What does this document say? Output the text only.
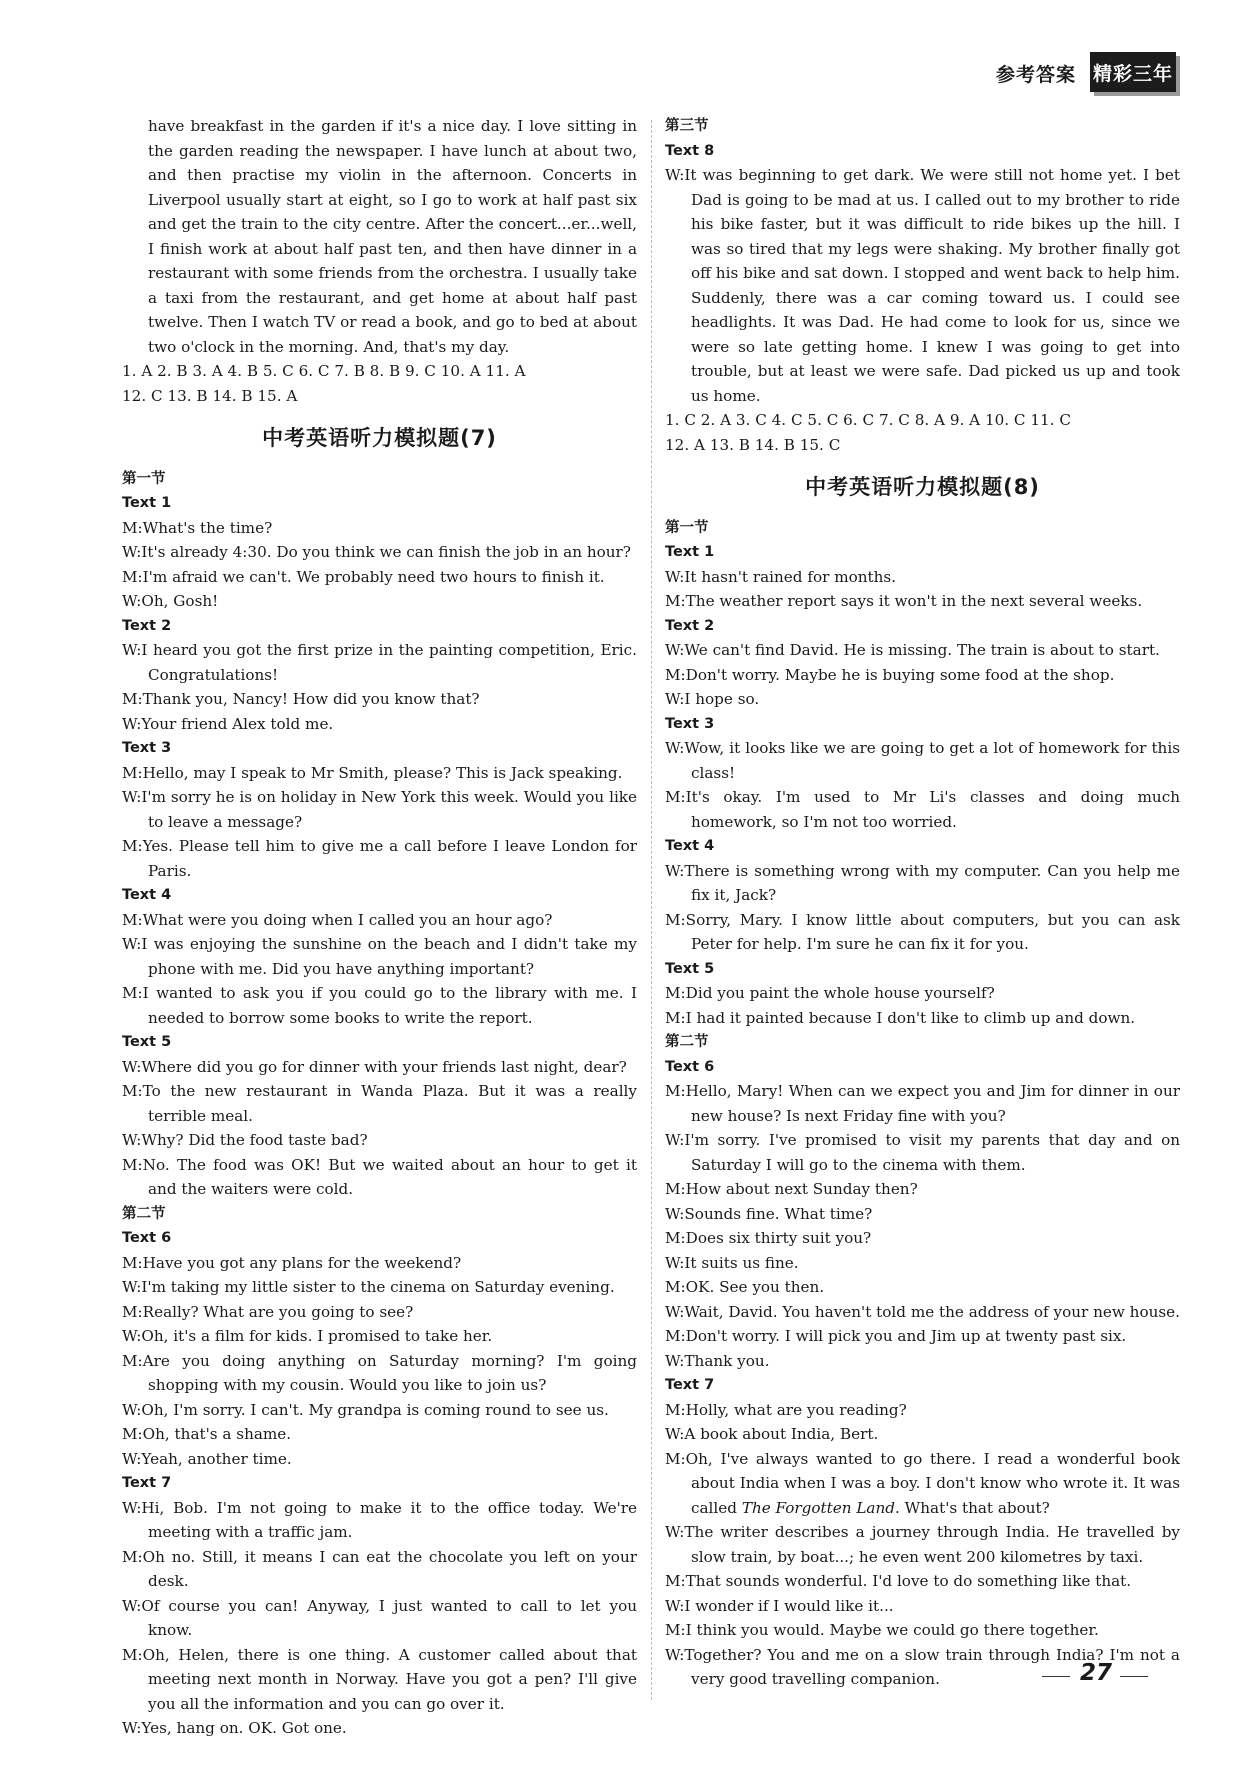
参考答案 精彩三年

have breakfast in the garden if it's a nice day. I love sitting in the garden reading the newspaper. I have lunch at about two, and then practise my violin in the afternoon. Concerts in Liverpool usually start at eight, so I go to work at half past six and get the train to the city centre. After the concert...er...well, I finish work at about half past ten, and then have dinner in a restaurant with some friends from the orchestra. I usually take a taxi from the restaurant, and get home at about half past twelve. Then I watch TV or read a book, and go to bed at about two o'clock in the morning. And, that's my day.

1. A 2. B 3. A 4. B 5. C 6. C 7. B 8. B 9. C 10. A 11. A

12. C 13. B 14. B 15. A

中考英语听力模拟题(7)

第一节

Text 1

M:What's the time?

W:It's already 4:30. Do you think we can finish the job in an hour?

M:I'm afraid we can't. We probably need two hours to finish it.

W:Oh, Gosh!

Text 2

W:I heard you got the first prize in the painting competition, Eric. Congratulations!

M:Thank you, Nancy! How did you know that?

W:Your friend Alex told me.

Text 3

M:Hello, may I speak to Mr Smith, please? This is Jack speaking.

W:I'm sorry he is on holiday in New York this week. Would you like to leave a message?

M:Yes. Please tell him to give me a call before I leave London for Paris.

Text 4

M:What were you doing when I called you an hour ago?

W:I was enjoying the sunshine on the beach and I didn't take my phone with me. Did you have anything important?

M:I wanted to ask you if you could go to the library with me. I needed to borrow some books to write the report.

Text 5

W:Where did you go for dinner with your friends last night, dear?

M:To the new restaurant in Wanda Plaza. But it was a really terrible meal.

W:Why? Did the food taste bad?

M:No. The food was OK! But we waited about an hour to get it and the waiters were cold.

第二节

Text 6

M:Have you got any plans for the weekend?

W:I'm taking my little sister to the cinema on Saturday evening.

M:Really? What are you going to see?

W:Oh, it's a film for kids. I promised to take her.

M:Are you doing anything on Saturday morning? I'm going shopping with my cousin. Would you like to join us?

W:Oh, I'm sorry. I can't. My grandpa is coming round to see us.

M:Oh, that's a shame.

W:Yeah, another time.

Text 7

W:Hi, Bob. I'm not going to make it to the office today. We're meeting with a traffic jam.

M:Oh no. Still, it means I can eat the chocolate you left on your desk.

W:Of course you can! Anyway, I just wanted to call to let you know.

M:Oh, Helen, there is one thing. A customer called about that meeting next month in Norway. Have you got a pen? I'll give you all the information and you can go over it.

W:Yes, hang on. OK. Got one.

第三节

Text 8

W:It was beginning to get dark. We were still not home yet. I bet Dad is going to be mad at us. I called out to my brother to ride his bike faster, but it was difficult to ride bikes up the hill. I was so tired that my legs were shaking. My brother finally got off his bike and sat down. I stopped and went back to help him. Suddenly, there was a car coming toward us. I could see headlights. It was Dad. He had come to look for us, since we were so late getting home. I knew I was going to get into trouble, but at least we were safe. Dad picked us up and took us home.

1. C 2. A 3. C 4. C 5. C 6. C 7. C 8. A 9. A 10. C 11. C

12. A 13. B 14. B 15. C

中考英语听力模拟题(8)

第一节

Text 1

W:It hasn't rained for months.

M:The weather report says it won't in the next several weeks.

Text 2

W:We can't find David. He is missing. The train is about to start.

M:Don't worry. Maybe he is buying some food at the shop.

W:I hope so.

Text 3

W:Wow, it looks like we are going to get a lot of homework for this class!

M:It's okay. I'm used to Mr Li's classes and doing much homework, so I'm not too worried.

Text 4

W:There is something wrong with my computer. Can you help me fix it, Jack?

M:Sorry, Mary. I know little about computers, but you can ask Peter for help. I'm sure he can fix it for you.

Text 5

M:Did you paint the whole house yourself?

M:I had it painted because I don't like to climb up and down.

第二节

Text 6

M:Hello, Mary! When can we expect you and Jim for dinner in our new house? Is next Friday fine with you?

W:I'm sorry. I've promised to visit my parents that day and on Saturday I will go to the cinema with them.

M:How about next Sunday then?

W:Sounds fine. What time?

M:Does six thirty suit you?

W:It suits us fine.

M:OK. See you then.

W:Wait, David. You haven't told me the address of your new house.

M:Don't worry. I will pick you and Jim up at twenty past six.

W:Thank you.

Text 7

M:Holly, what are you reading?

W:A book about India, Bert.

M:Oh, I've always wanted to go there. I read a wonderful book about India when I was a boy. I don't know who wrote it. It was called The Forgotten Land. What's that about?

W:The writer describes a journey through India. He travelled by slow train, by boat...; he even went 200 kilometres by taxi.

M:That sounds wonderful. I'd love to do something like that.

W:I wonder if I would like it...

M:I think you would. Maybe we could go there together.

W:Together? You and me on a slow train through India? I'm not a very good travelling companion.	27
